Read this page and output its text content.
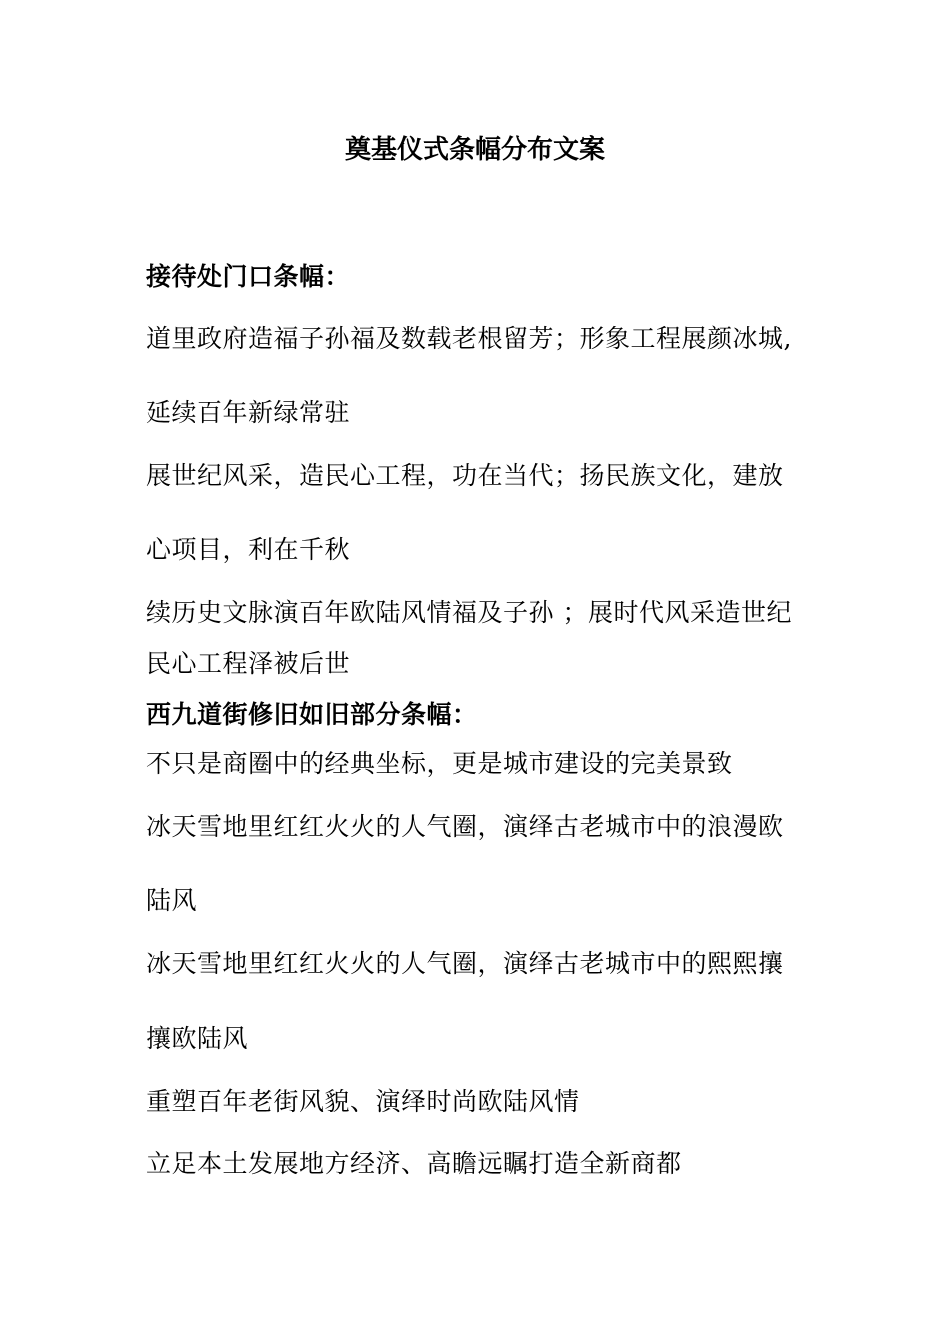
奠基仪式条幅分布文案
接待处门口条幅：
道里政府造福子孙福及数载老根留芳；形象工程展颜冰城,
延续百年新绿常驻
展世纪风采，造民心工程，功在当代；扬民族文化，建放
心项目，利在千秋
续历史文脉演百年欧陆风情福及子孙 ；展时代风采造世纪
民心工程泽被后世
西九道街修旧如旧部分条幅：
不只是商圈中的经典坐标，更是城市建设的完美景致
冰天雪地里红红火火的人气圈，演绎古老城市中的浪漫欧
陆风
冰天雪地里红红火火的人气圈，演绎古老城市中的熙熙攘
攘欧陆风
重塑百年老街风貌、演绎时尚欧陆风情
立足本土发展地方经济、高瞻远瞩打造全新商都
